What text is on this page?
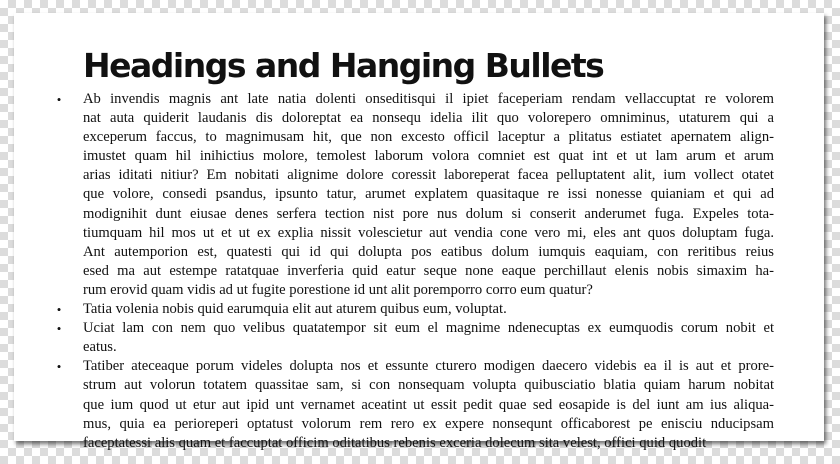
Headings and Hanging Bullets
• Ab invendis magnis ant late natia dolenti onseditisqui il ipiet faceperiam rendam vellaccuptat re volorem
nat auta quiderit laudanis dis doloreptat ea nonsequ idelia ilit quo volorepero omniminus, utaturem qui a
exceperum faccus, to magnimusam hit, que non excesto officil laceptur a plitatus estiatet apernatem align-
imustet quam hil inihictius molore, temolest laborum volora comniet est quat int et ut lam arum et arum
arias iditati nitiur? Em nobitati alignime dolore coressit laboreperat facea pelluptatent alit, ium vollect otatet
que volore, consedi psandus, ipsunto tatur, arumet explatem quasitaque re issi nonesse quianiam et qui ad
modignihit dunt eiusae denes serfera tection nist pore nus dolum si conserit anderumet fuga. Expeles tota-
tiumquam hil mos ut et ut ex explia nissit volescietur aut vendia cone vero mi, eles ant quos doluptam fuga.
Ant autemporion est, quatesti qui id qui dolupta pos eatibus dolum iumquis eaquiam, con reritibus reius
esed ma aut estempe ratatquae inverferia quid eatur seque none eaque perchillaut elenis nobis simaxim ha-
rum erovid quam vidis ad ut fugite porestione id unt alit poremporro corro eum quatur?
• Tatia volenia nobis quid earumquia elit aut aturem quibus eum, voluptat.
• Uciat lam con nem quo velibus quatatempor sit eum el magnime ndenecuptas ex eumquodis corum nobit et
eatus.
• Tatiber ateceaque porum videles dolupta nos et essunte cturero modigen daecero videbis ea il is aut et prore-
strum aut volorun totatem quassitae sam, si con nonsequam volupta quibusciatio blatia quiam harum nobitat
que ium quod ut etur aut ipid unt vernamet aceatint ut essit pedit quae sed eosapide is del iunt am ius aliqua-
mus, quia ea perioreperi optatust volorum rem rero ex expere nonsequnt officaborest pe enisciu nducipsam
faceptatessi alis quam et faccuptat officim oditatibus rebenis exceria dolecum sita velest, offici quid quodit
